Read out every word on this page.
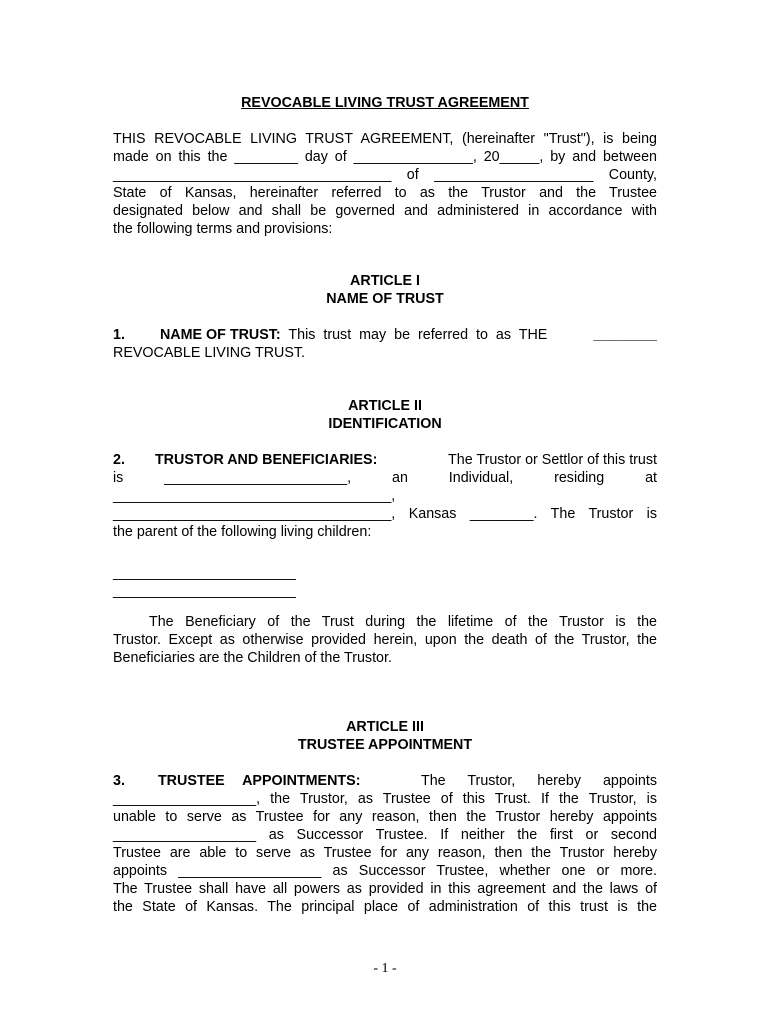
REVOCABLE LIVING TRUST AGREEMENT
THIS REVOCABLE LIVING TRUST AGREEMENT, (hereinafter "Trust"), is being
made on this the ________ day of _______________, 20_____, by and between
___________________________________ of ____________________ County,
State of Kansas, hereinafter referred to as the Trustor and the Trustee
designated below and shall be governed and administered in accordance with
the following terms and provisions:
ARTICLE I
NAME OF TRUST
1. NAME OF TRUST: This trust may be referred to as THE	________
REVOCABLE LIVING TRUST.
ARTICLE II
IDENTIFICATION
2. TRUSTOR AND BENEFICIARIES:	The Trustor or Settlor of this trust
is _______________________, an Individual, residing at
___________________________________,
___________________________________, Kansas ________. The Trustor is
the parent of the following living children:
_______________________
_______________________
The Beneficiary of the Trust during the lifetime of the Trustor is the
Trustor. Except as otherwise provided herein, upon the death of the Trustor, the
Beneficiaries are the Children of the Trustor.
ARTICLE III
TRUSTEE APPOINTMENT
3. TRUSTEE APPOINTMENTS:	The Trustor, hereby appoints
__________________, the Trustor, as Trustee of this Trust. If the Trustor, is
unable to serve as Trustee for any reason, then the Trustor hereby appoints
__________________ as Successor Trustee. If neither the first or second
Trustee are able to serve as Trustee for any reason, then the Trustor hereby
appoints __________________ as Successor Trustee, whether one or more.
The Trustee shall have all powers as provided in this agreement and the laws of
the State of Kansas. The principal place of administration of this trust is the
- 1 -
